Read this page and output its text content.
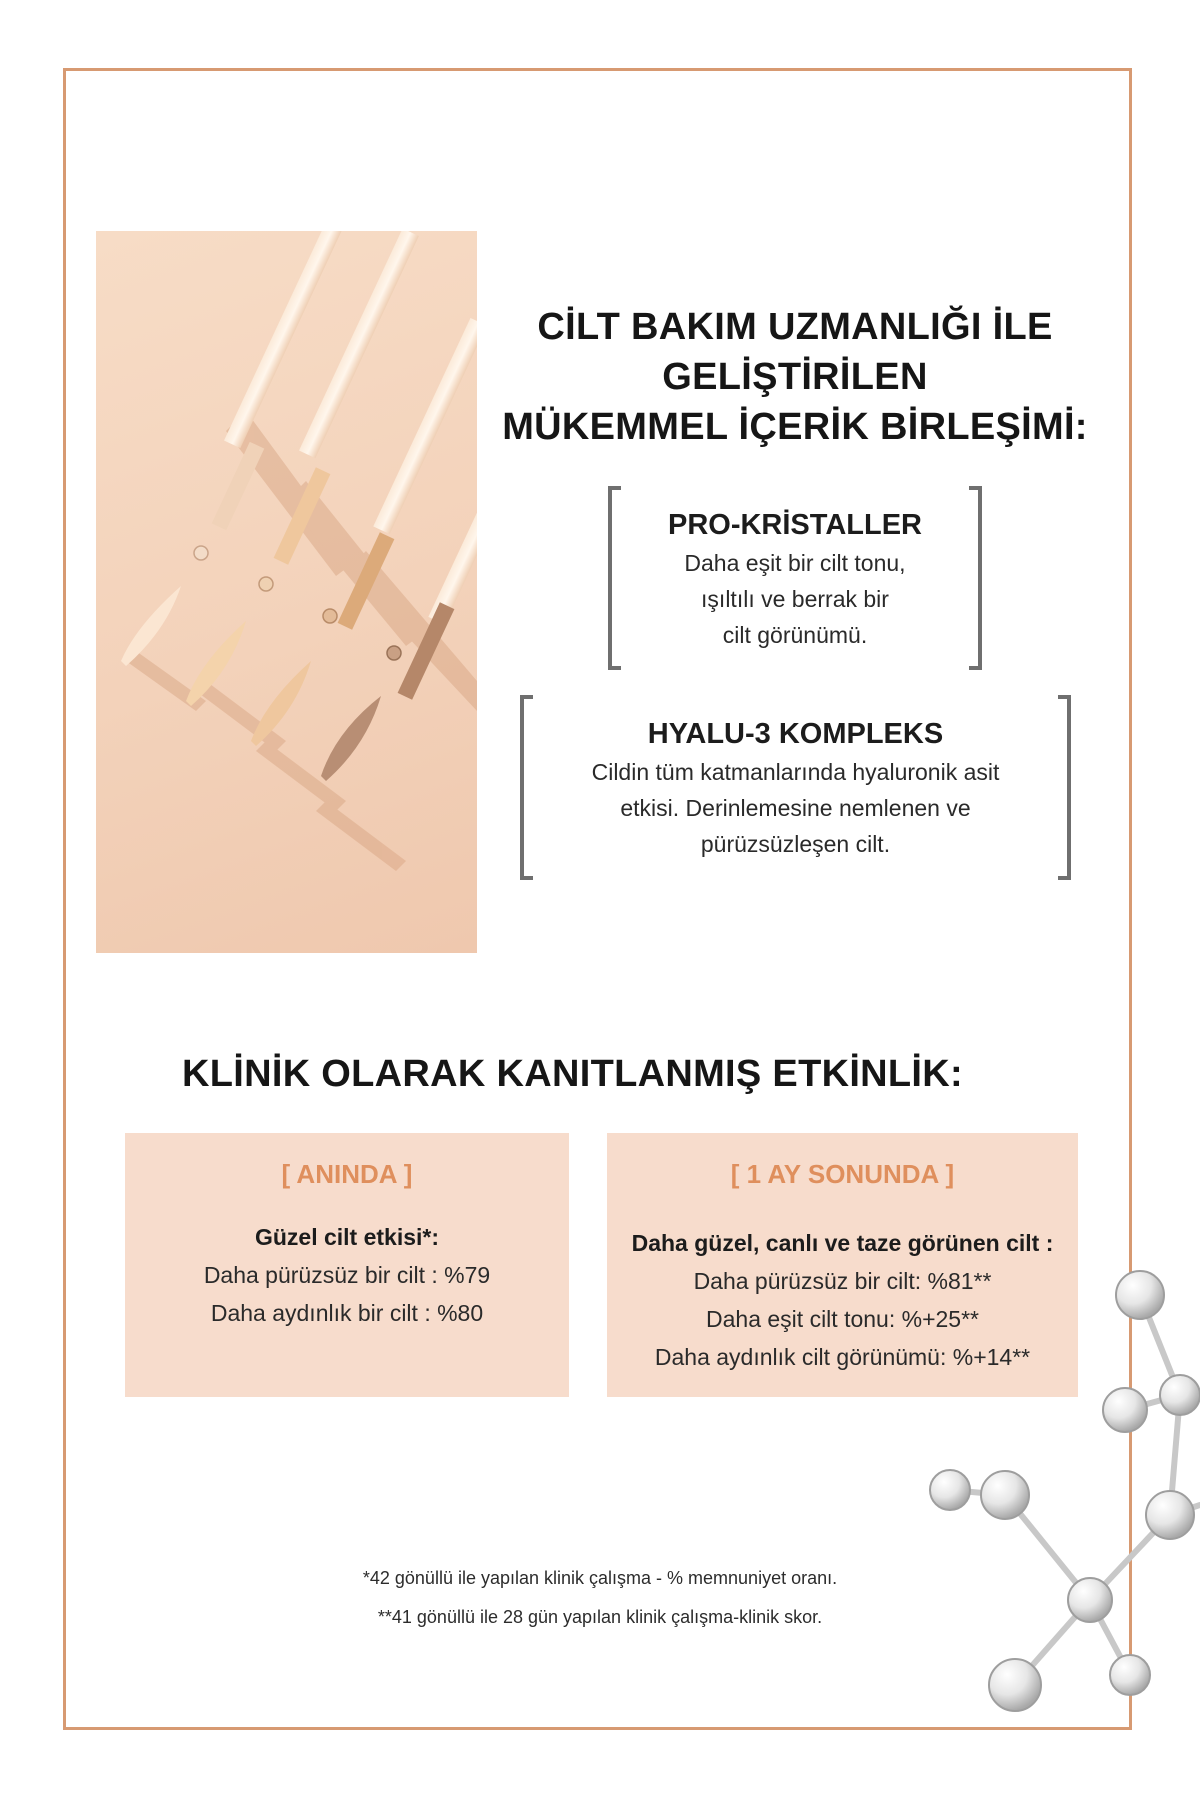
CİLT BAKIM UZMANLIĞI İLE
GELİŞTİRİLEN
MÜKEMMEL İÇERİK BİRLEŞİMİ:
PRO-KRİSTALLER

Daha eşit bir cilt tonu,
ışıltılı ve berrak bir
cilt görünümü.

HYALU-3 KOMPLEKS

Cildin tüm katmanlarında hyaluronik asit
etkisi. Derinlemesine nemlenen ve
pürüzsüzleşen cilt.

KLİNİK OLARAK KANITLANMIŞ ETKİNLİK:

[ ANINDA ]

Güzel cilt etkisi*:

Daha pürüzsüz bir cilt : %79

Daha aydınlık bir cilt : %80

[ 1 AY SONUNDA ]

Daha güzel, canlı ve taze görünen cilt :

Daha pürüzsüz bir cilt: %81**

Daha eşit cilt tonu: %+25**

Daha aydınlık cilt görünümü: %+14**

*42 gönüllü ile yapılan klinik çalışma - % memnuniyet oranı.

**41 gönüllü ile 28 gün yapılan klinik çalışma-klinik skor.
